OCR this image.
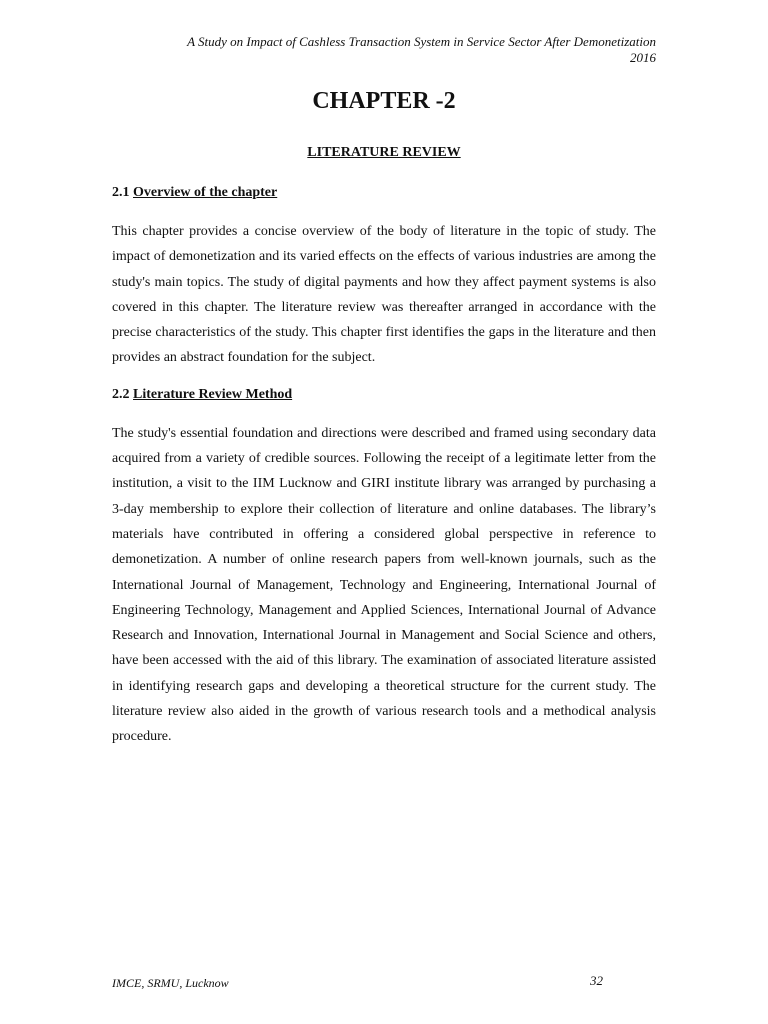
A Study on Impact of Cashless Transaction System in Service Sector After Demonetization
2016
CHAPTER -2
LITERATURE REVIEW
2.1 Overview of the chapter

This chapter provides a concise overview of the body of literature in the topic of study. The impact of demonetization and its varied effects on the effects of various industries are among the study's main topics. The study of digital payments and how they affect payment systems is also covered in this chapter. The literature review was thereafter arranged in accordance with the precise characteristics of the study. This chapter first identifies the gaps in the literature and then provides an abstract foundation for the subject.

2.2 Literature Review Method

The study's essential foundation and directions were described and framed using secondary data acquired from a variety of credible sources. Following the receipt of a legitimate letter from the institution, a visit to the IIM Lucknow and GIRI institute library was arranged by purchasing a 3-day membership to explore their collection of literature and online databases. The library’s materials have contributed in offering a considered global perspective in reference to demonetization. A number of online research papers from well-known journals, such as the International Journal of Management, Technology and Engineering, International Journal of Engineering Technology, Management and Applied Sciences, International Journal of Advance Research and Innovation, International Journal in Management and Social Science and others, have been accessed with the aid of this library. The examination of associated literature assisted in identifying research gaps and developing a theoretical structure for the current study. The literature review also aided in the growth of various research tools and a methodical analysis procedure.

IMCE, SRMU, Lucknow	32
